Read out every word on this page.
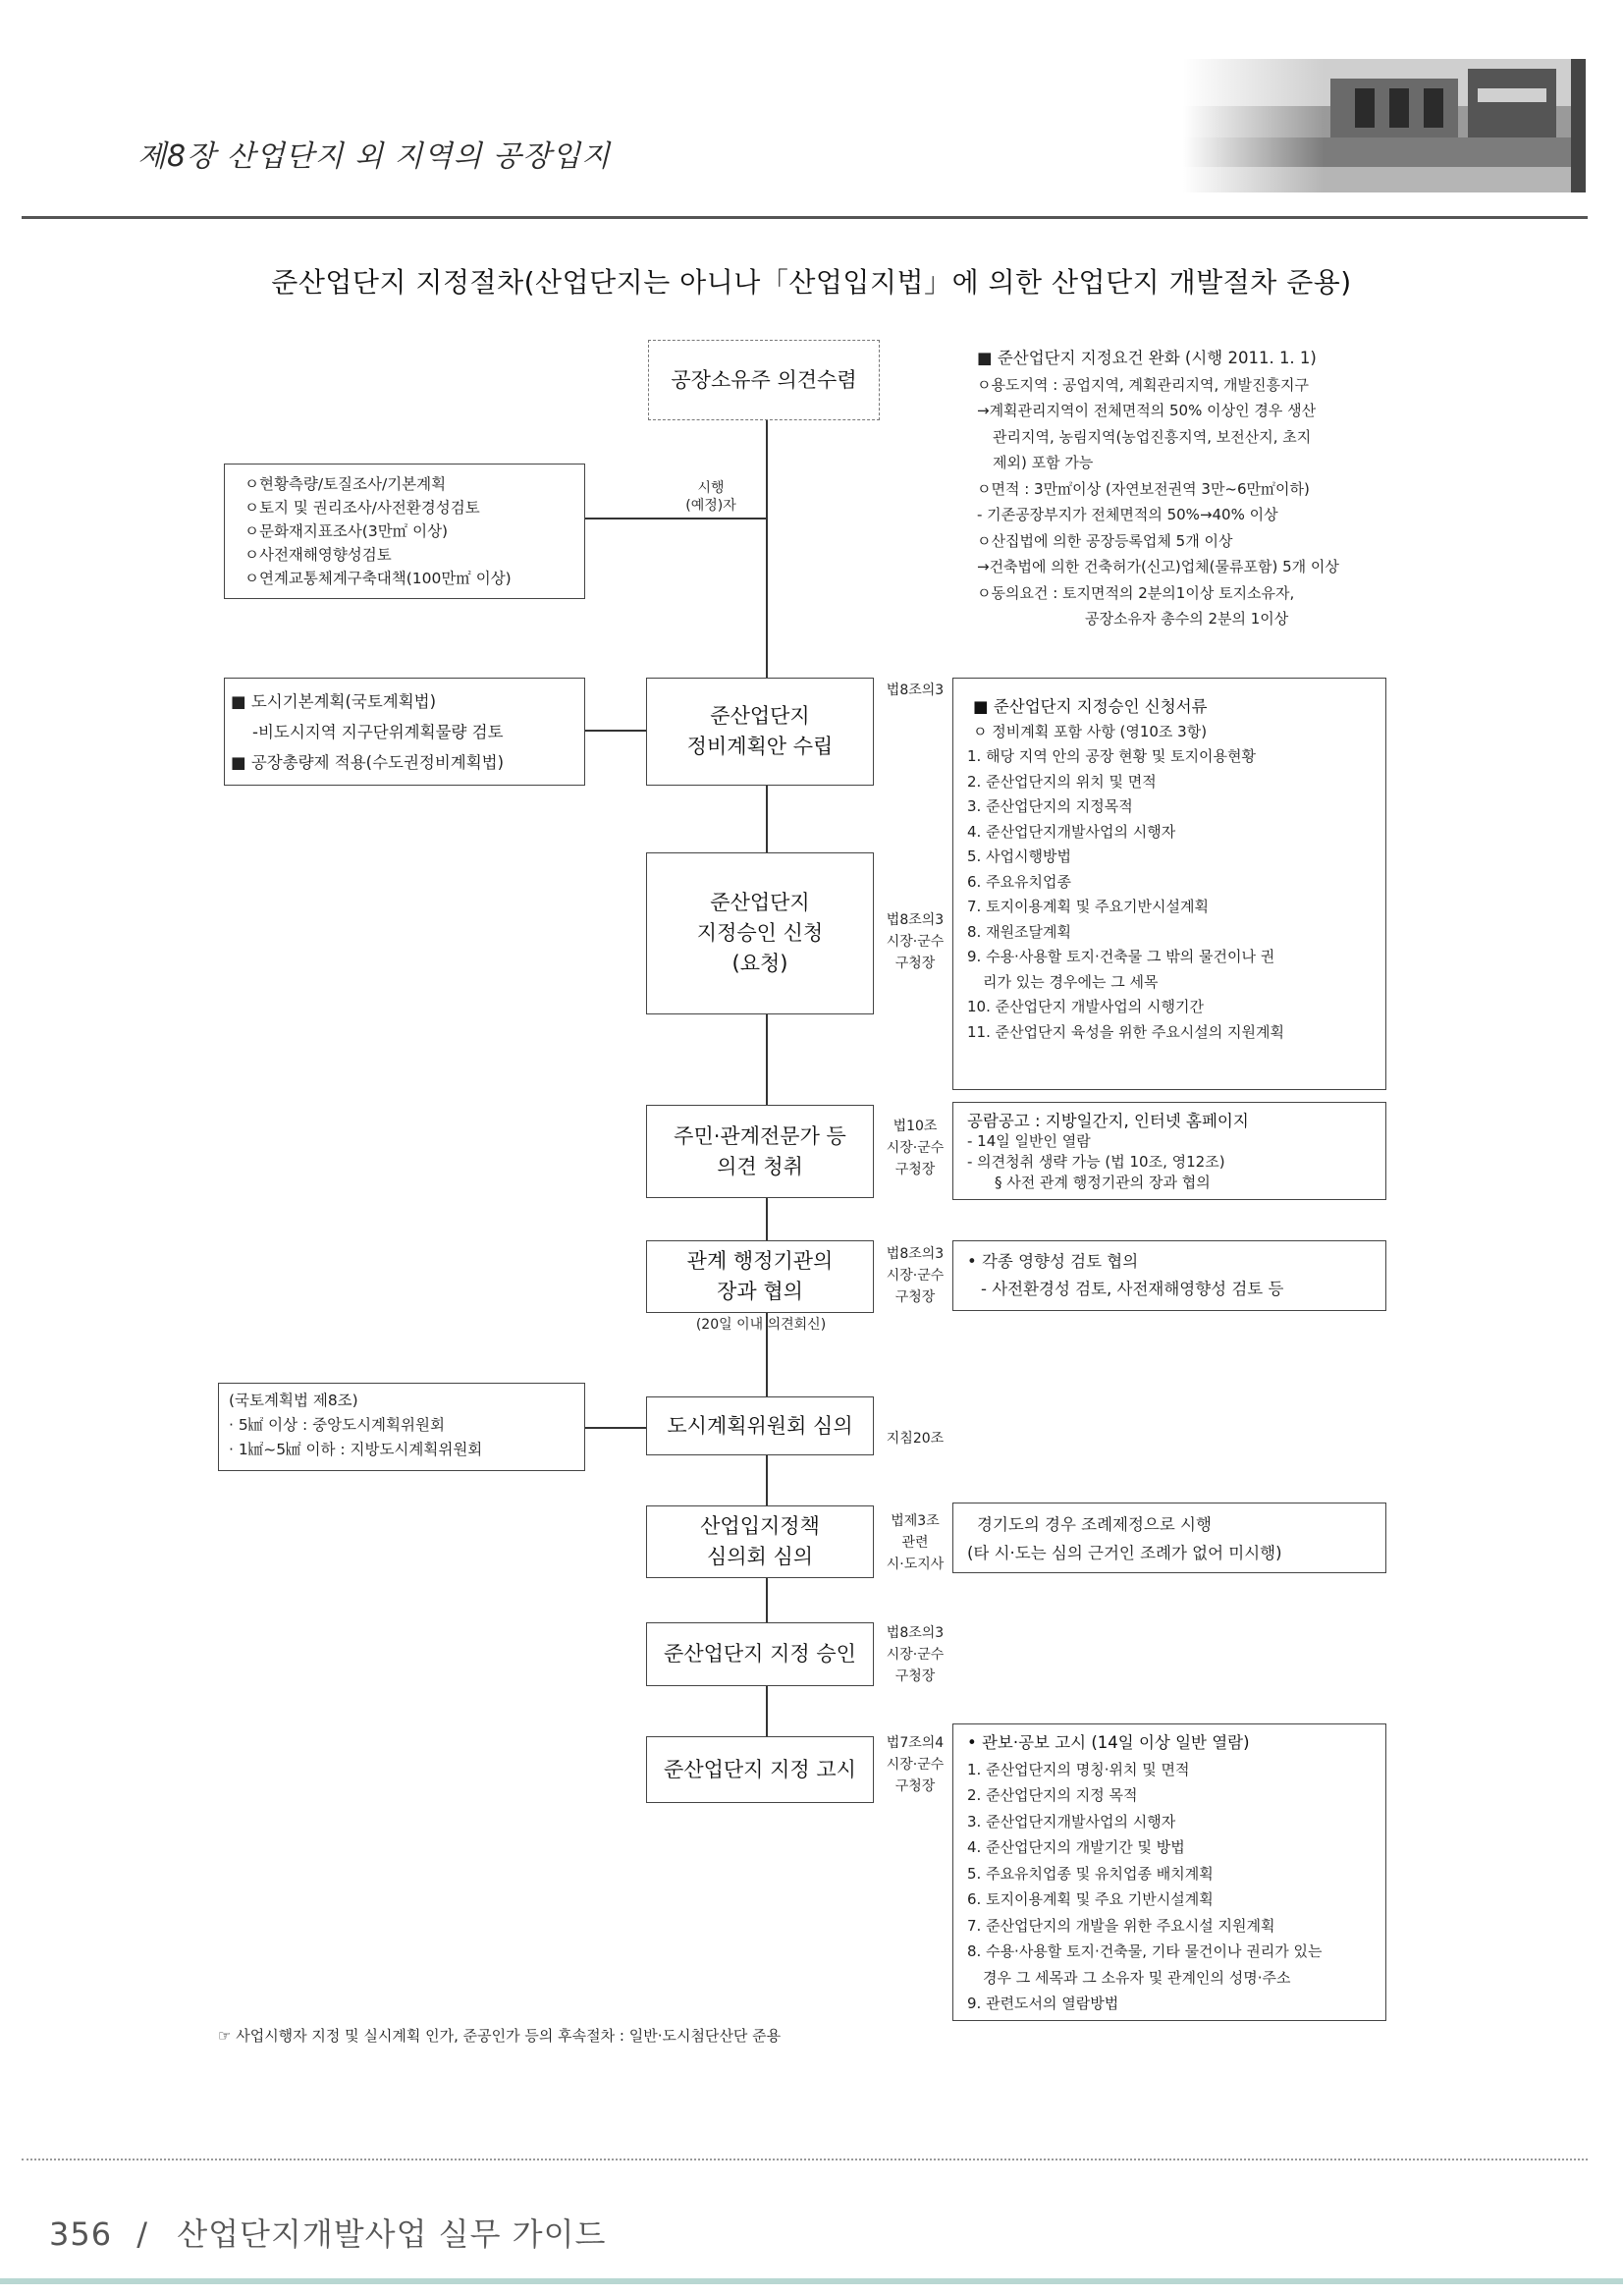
제8장 산업단지 외 지역의 공장입지
준산업단지 지정절차(산업단지는 아니나「산업입지법」에 의한 산업단지 개발절차 준용)
공장소유주 의견수렴
준산업단지
정비계획안 수립
준산업단지
지정승인 신청
(요청)
주민·관계전문가 등
의견 청취
관계 행정기관의
장과 협의
도시계획위원회 심의
산업입지정책
심의회 심의
준산업단지 지정 승인
준산업단지 지정 고시
시행
(예정)자
법8조의3
법8조의3
시장·군수
구청장
법10조
시장·군수
구청장
법8조의3
시장·군수
구청장
(20일 이내 의견회신)
지침20조
법제3조
관련
시·도지사
법8조의3
시장·군수
구청장
법7조의4
시장·군수
구청장
■ 준산업단지 지정요건 완화 (시행 2011. 1. 1)
ㅇ용도지역 : 공업지역, 계획관리지역, 개발진흥지구
→계획관리지역이 전체면적의 50% 이상인 경우 생산
관리지역, 농림지역(농업진흥지역, 보전산지, 초지
제외) 포함 가능
ㅇ면적 : 3만㎡이상 (자연보전권역 3만~6만㎡이하)
- 기존공장부지가 전체면적의 50%→40% 이상
ㅇ산집법에 의한 공장등록업체 5개 이상
→건축법에 의한 건축허가(신고)업체(물류포함) 5개 이상
ㅇ동의요건 : 토지면적의 2분의1이상 토지소유자,
공장소유자 총수의 2분의 1이상
ㅇ현황측량/토질조사/기본계획
ㅇ토지 및 권리조사/사전환경성검토
ㅇ문화재지표조사(3만㎡ 이상)
ㅇ사전재해영향성검토
ㅇ연계교통체계구축대책(100만㎡ 이상)
■ 도시기본계획(국토계획법)
-비도시지역 지구단위계획물량 검토
■ 공장총량제 적용(수도권정비계획법)
(국토계획법 제8조)
· 5㎢ 이상 : 중앙도시계획위원회
· 1㎢~5㎢ 이하 : 지방도시계획위원회
■ 준산업단지 지정승인 신청서류
ㅇ 정비계획 포함 사항 (영10조 3항)
1. 해당 지역 안의 공장 현황 및 토지이용현황
2. 준산업단지의 위치 및 면적
3. 준산업단지의 지정목적
4. 준산업단지개발사업의 시행자
5. 사업시행방법
6. 주요유치업종
7. 토지이용계획 및 주요기반시설계획
8. 재원조달계획
9. 수용·사용할 토지·건축물 그 밖의 물건이나 권
리가 있는 경우에는 그 세목
10. 준산업단지 개발사업의 시행기간
11. 준산업단지 육성을 위한 주요시설의 지원계획
공람공고 : 지방일간지, 인터넷 홈페이지
- 14일 일반인 열람
- 의견청취 생략 가능 (법 10조, 영12조)
§ 사전 관계 행정기관의 장과 협의
• 각종 영향성 검토 협의
- 사전환경성 검토, 사전재해영향성 검토 등
경기도의 경우 조례제정으로 시행
(타 시·도는 심의 근거인 조례가 없어 미시행)
• 관보·공보 고시 (14일 이상 일반 열람)
1. 준산업단지의 명칭·위치 및 면적
2. 준산업단지의 지정 목적
3. 준산업단지개발사업의 시행자
4. 준산업단지의 개발기간 및 방법
5. 주요유치업종 및 유치업종 배치계획
6. 토지이용계획 및 주요 기반시설계획
7. 준산업단지의 개발을 위한 주요시설 지원계획
8. 수용·사용할 토지·건축물, 기타 물건이나 권리가 있는
경우 그 세목과 그 소유자 및 관계인의 성명·주소
9. 관련도서의 열람방법
☞ 사업시행자 지정 및 실시계획 인가, 준공인가 등의 후속절차 : 일반·도시첨단산단 준용
356 / 산업단지개발사업 실무 가이드
